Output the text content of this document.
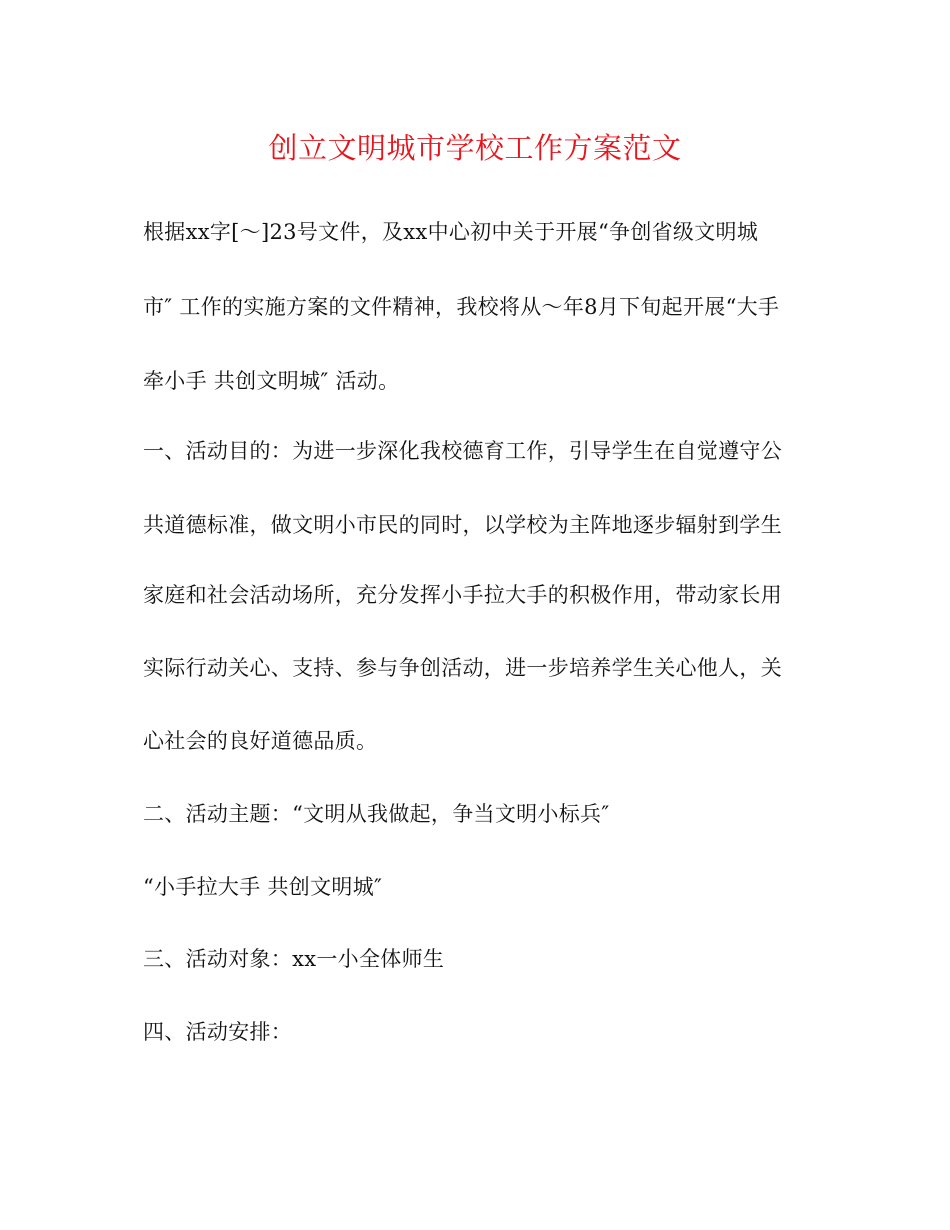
创立文明城市学校工作方案范文
根据xx字[～]23号文件，及xx中心初中关于开展“争创省级文明城
市″ 工作的实施方案的文件精神，我校将从～年8月下旬起开展“大手
牵小手 共创文明城″ 活动。
一、活动目的：为进一步深化我校德育工作，引导学生在自觉遵守公
共道德标准，做文明小市民的同时，以学校为主阵地逐步辐射到学生
家庭和社会活动场所，充分发挥小手拉大手的积极作用，带动家长用
实际行动关心、支持、参与争创活动，进一步培养学生关心他人，关
心社会的良好道德品质。
二、活动主题：“文明从我做起，争当文明小标兵″
“小手拉大手 共创文明城″
三、活动对象：xx一小全体师生
四、活动安排：
